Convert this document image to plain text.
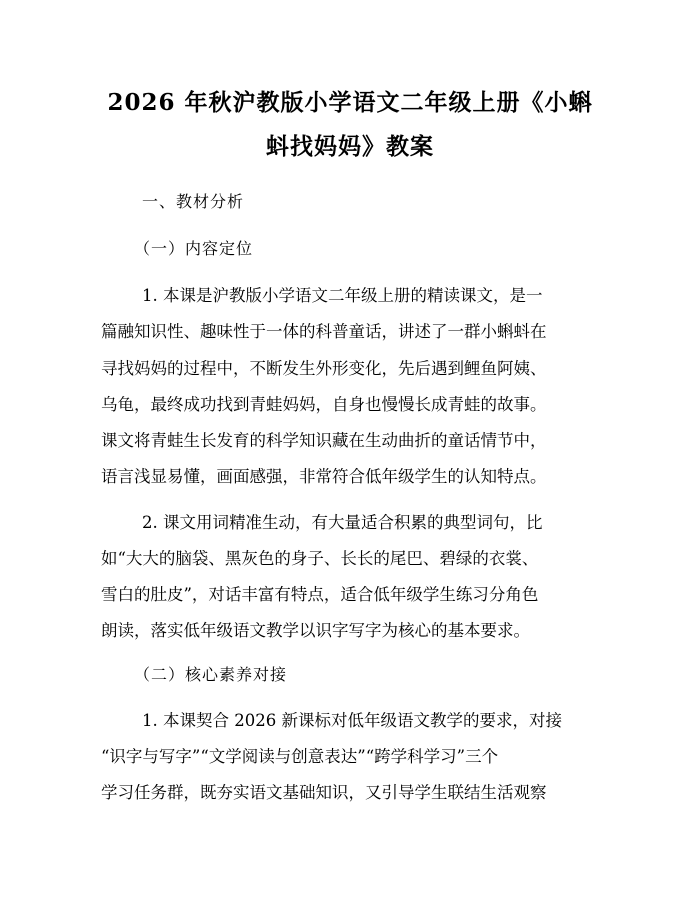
2026 年秋沪教版小学语文二年级上册《小蝌
蚪找妈妈》教案
一、教材分析
（一）内容定位
1. 本课是沪教版小学语文二年级上册的精读课文，是一
篇融知识性、趣味性于一体的科普童话，讲述了一群小蝌蚪在
寻找妈妈的过程中，不断发生外形变化，先后遇到鲤鱼阿姨、
乌龟，最终成功找到青蛙妈妈，自身也慢慢长成青蛙的故事。
课文将青蛙生长发育的科学知识藏在生动曲折的童话情节中，
语言浅显易懂，画面感强，非常符合低年级学生的认知特点。
2. 课文用词精准生动，有大量适合积累的典型词句，比
如“大大的脑袋、黑灰色的身子、长长的尾巴、碧绿的衣裳、
雪白的肚皮”，对话丰富有特点，适合低年级学生练习分角色
朗读，落实低年级语文教学以识字写字为核心的基本要求。
（二）核心素养对接
1. 本课契合 2026 新课标对低年级语文教学的要求，对接
“识字与写字”“文学阅读与创意表达”“跨学科学习”三个
学习任务群，既夯实语文基础知识，又引导学生联结生活观察
